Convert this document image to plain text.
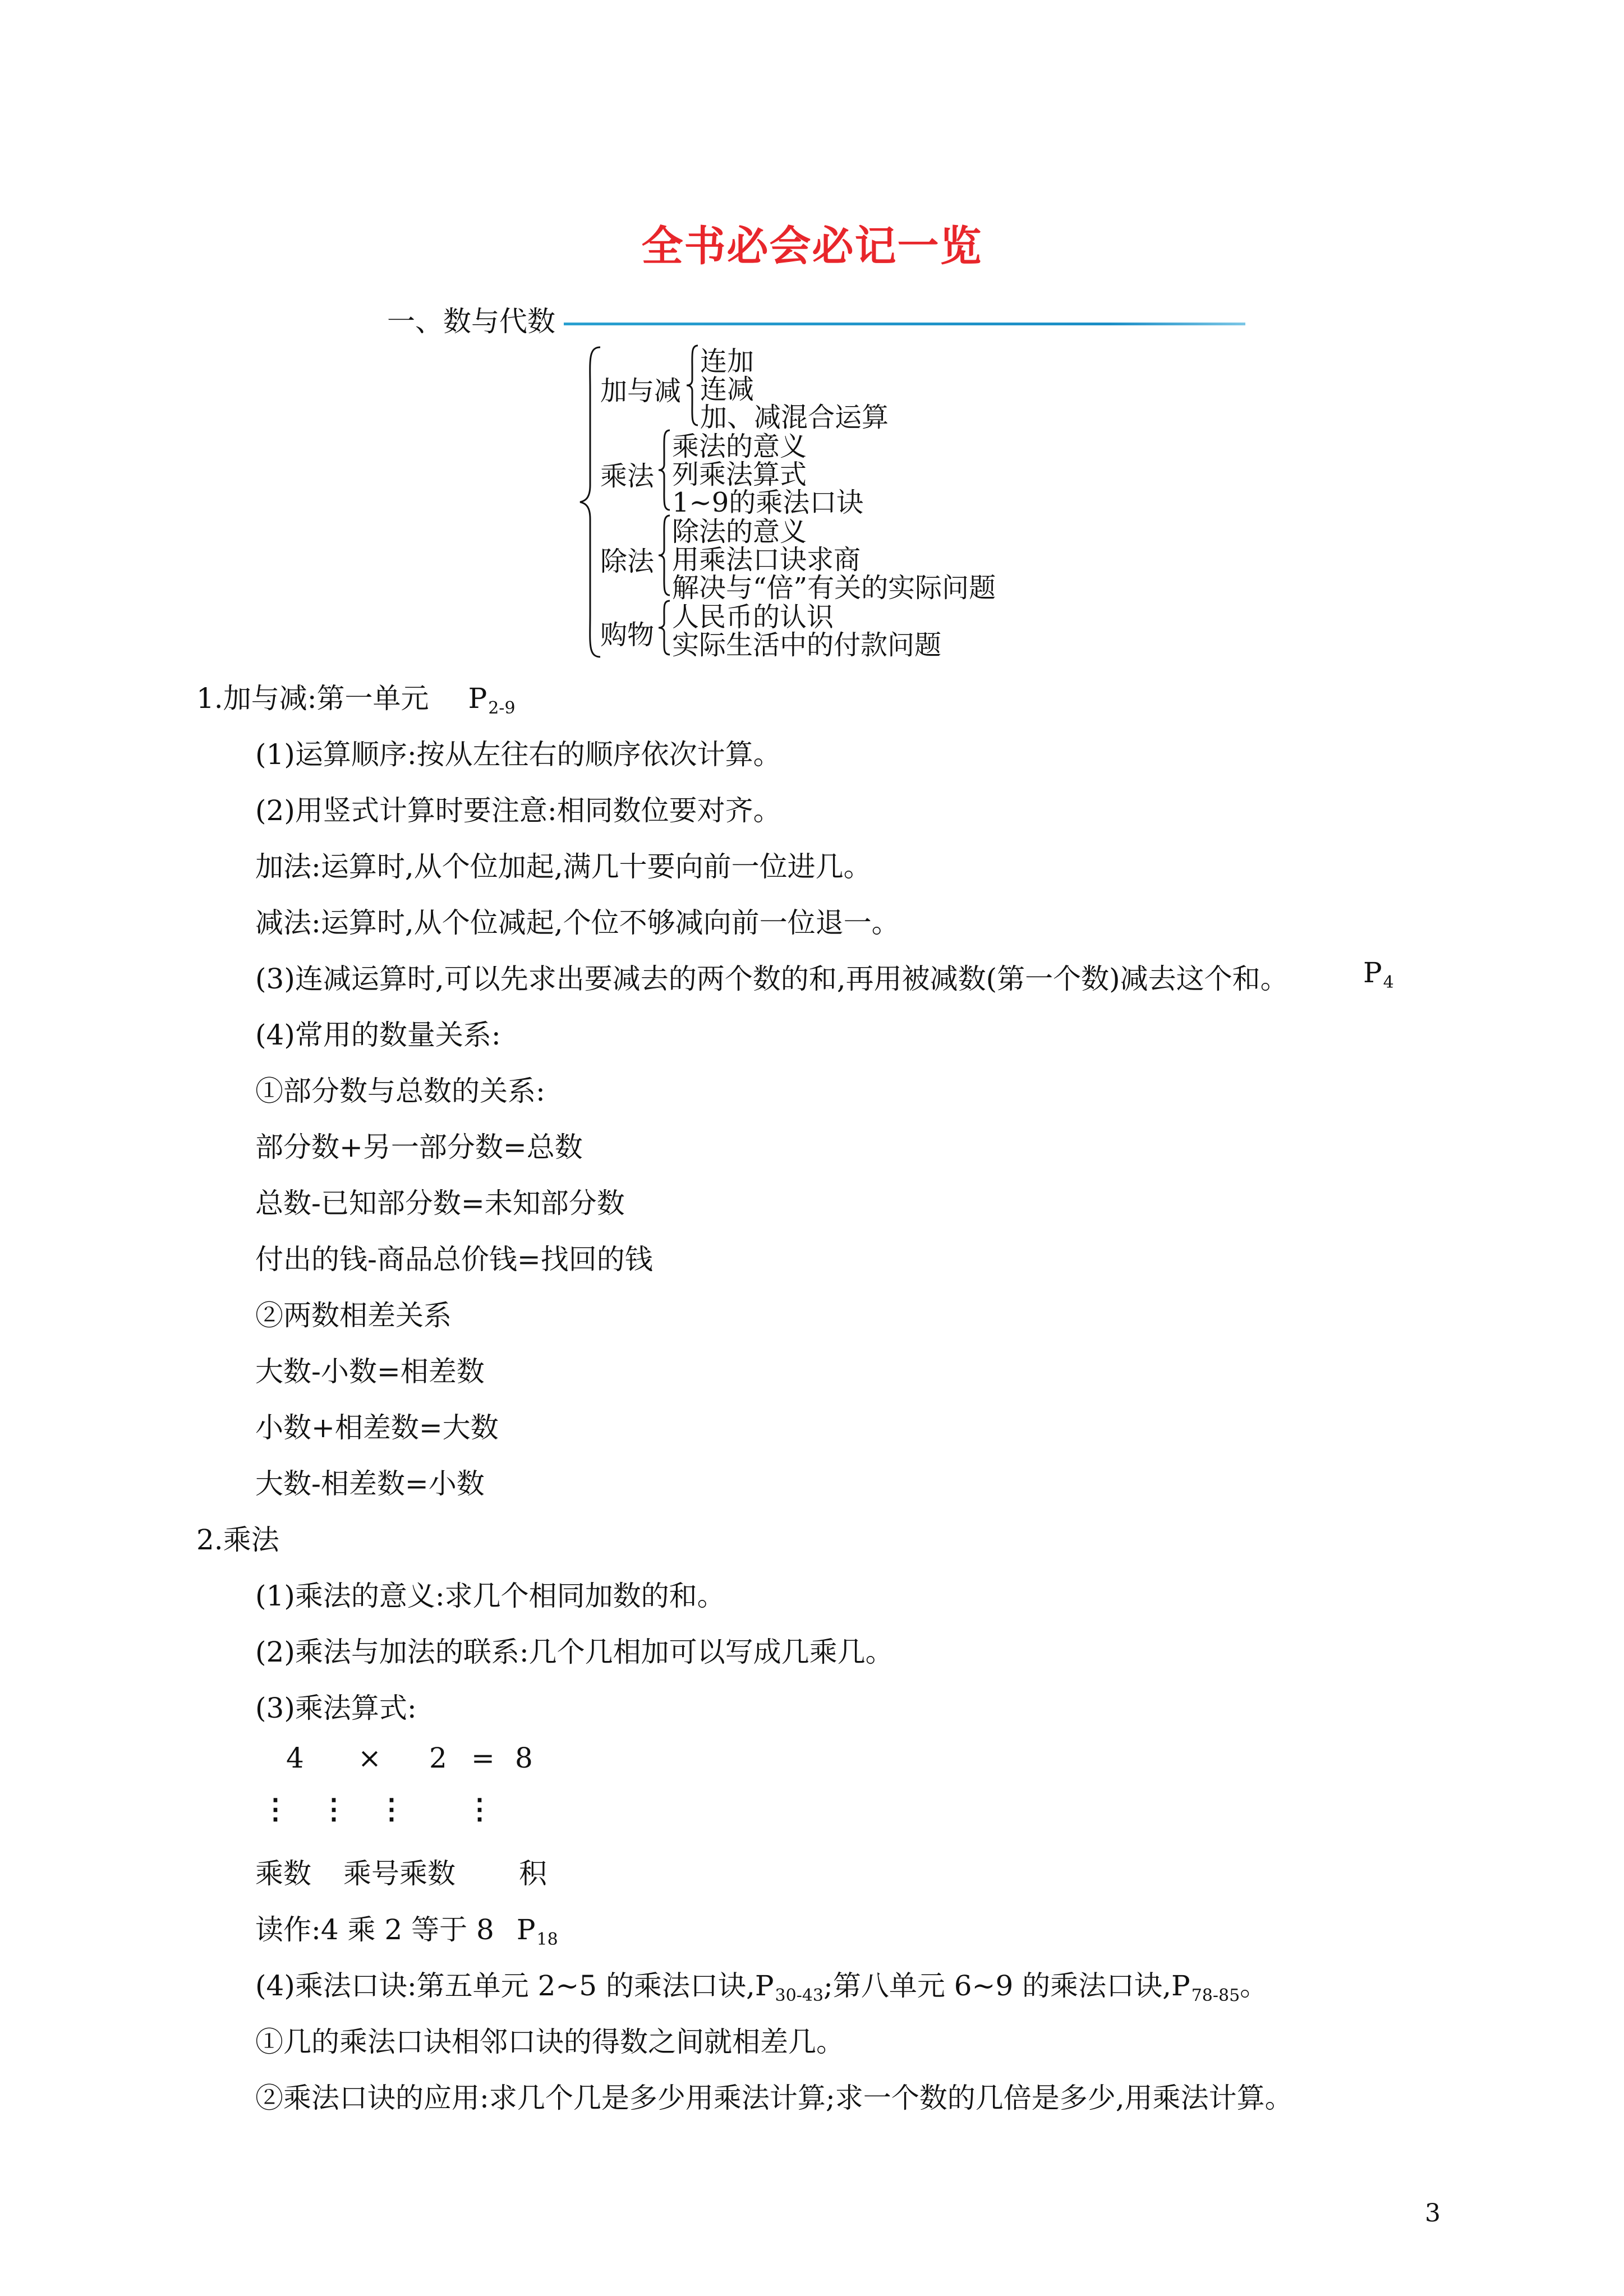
全书必会必记一览
一、数与代数
加与减
连加
连减
加、减混合运算
乘法
乘法的意义
列乘法算式
1~9的乘法口诀
除法
除法的意义
用乘法口诀求商
解决与“倍”有关的实际问题
购物
人民币的认识
实际生活中的付款问题
1.加与减:第一单元 $P_{2-9}$
(1)运算顺序:按从左往右的顺序依次计算。
(2)用竖式计算时要注意:相同数位要对齐。
加法:运算时,从个位加起,满几十要向前一位进几。
减法:运算时,从个位减起,个位不够减向前一位退一。
(3)连减运算时,可以先求出要减去的两个数的和,再用被减数(第一个数)减去这个和。	$P_4$
(4)常用的数量关系:
①部分数与总数的关系:
部分数+另一部分数=总数
总数-已知部分数=未知部分数
付出的钱-商品总价钱=找回的钱
②两数相差关系
大数-小数=相差数
小数+相差数=大数
大数-相差数=小数
2.乘法
(1)乘法的意义:求几个相同加数的和。
(2)乘法与加法的联系:几个几相加可以写成几乘几。
(3)乘法算式:
4 × 2 = 8
⋮ ⋮ ⋮ ⋮
乘数 乘号 乘数 积
读作:4 乘 2 等于 8 $P_{18}$
(4)乘法口诀:第五单元 2~5 的乘法口诀$,P_{30-43}$;第八单元 6~9 的乘法口诀$,P_{78-85}$。
①几的乘法口诀相邻口诀的得数之间就相差几。
②乘法口诀的应用:求几个几是多少用乘法计算;求一个数的几倍是多少,用乘法计算。
3
